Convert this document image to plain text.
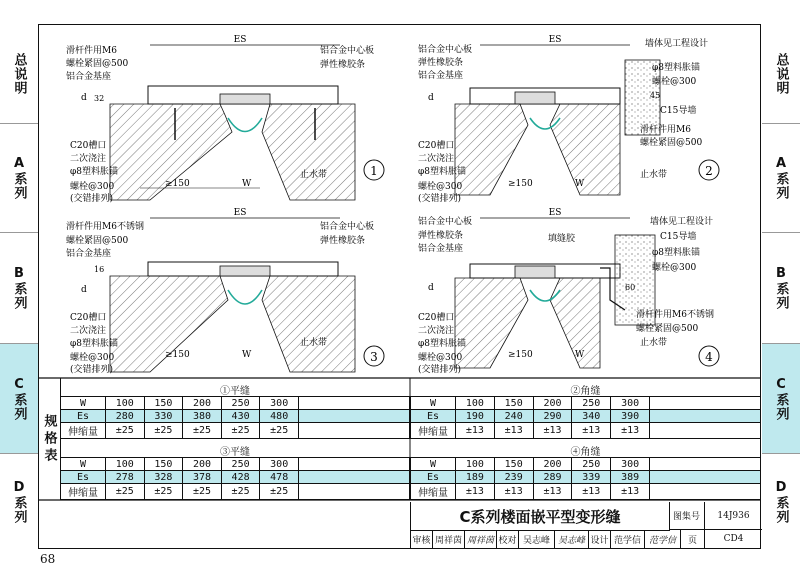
总说明
A系列
B系列
C系列
D系列
总说明
A系列
B系列
C系列
D系列
ES
1
滑杆件用M6
螺栓紧固@500
铝合金基座
铝合金中心板
弹性橡胶条
C20槽口
二次浇注
φ8塑料胀锚
螺栓@300
(交错排列)
d 32
≥150	W
止水带
ES
2
铝合金中心板
弹性橡胶条
铝合金基座
墙体见工程设计
φ8塑料胀锚
螺栓@300
C15导墙
滑杆件用M6
螺栓紧固@500
C20槽口
二次浇注
φ8塑料胀锚
螺栓@300
(交错排列)
d	45
≥150	W
止水带
ES
3
滑杆件用M6不锈钢
螺栓紧固@500
铝合金基座
铝合金中心板
弹性橡胶条
C20槽口
二次浇注
φ8塑料胀锚
螺栓@300
(交错排列)
d
16
≥150	W
止水带
ES
4
铝合金中心板
弹性橡胶条
铝合金基座
填缝胶
墙体见工程设计
C15导墙
φ8塑料胀锚
螺栓@300
滑杆件用M6不锈钢
螺栓紧固@500
C20槽口
二次浇注
φ8塑料胀锚
螺栓@300
(交错排列)
d	60
≥150	W
止水带
规格表
①平缝
W	100	150	200	250	300	
Es	280	330	380	430	480	
伸缩量	±25	±25	±25	±25	±25	
②角缝
W	100	150	200	250	300	
Es	190	240	290	340	390	
伸缩量	±13	±13	±13	±13	±13	
③平缝
W	100	150	200	250	300	
Es	278	328	378	428	478	
伸缩量	±25	±25	±25	±25	±25	
④角缝
W	100	150	200	250	300	
Es	189	239	289	339	389	
伸缩量	±13	±13	±13	±13	±13	
C系列楼面嵌平型变形缝	图集号	14J936
审核 周祥茵 周祥茵 校对 吴志峰 吴志峰 设计 范学信 范学信	页	CD4
68
